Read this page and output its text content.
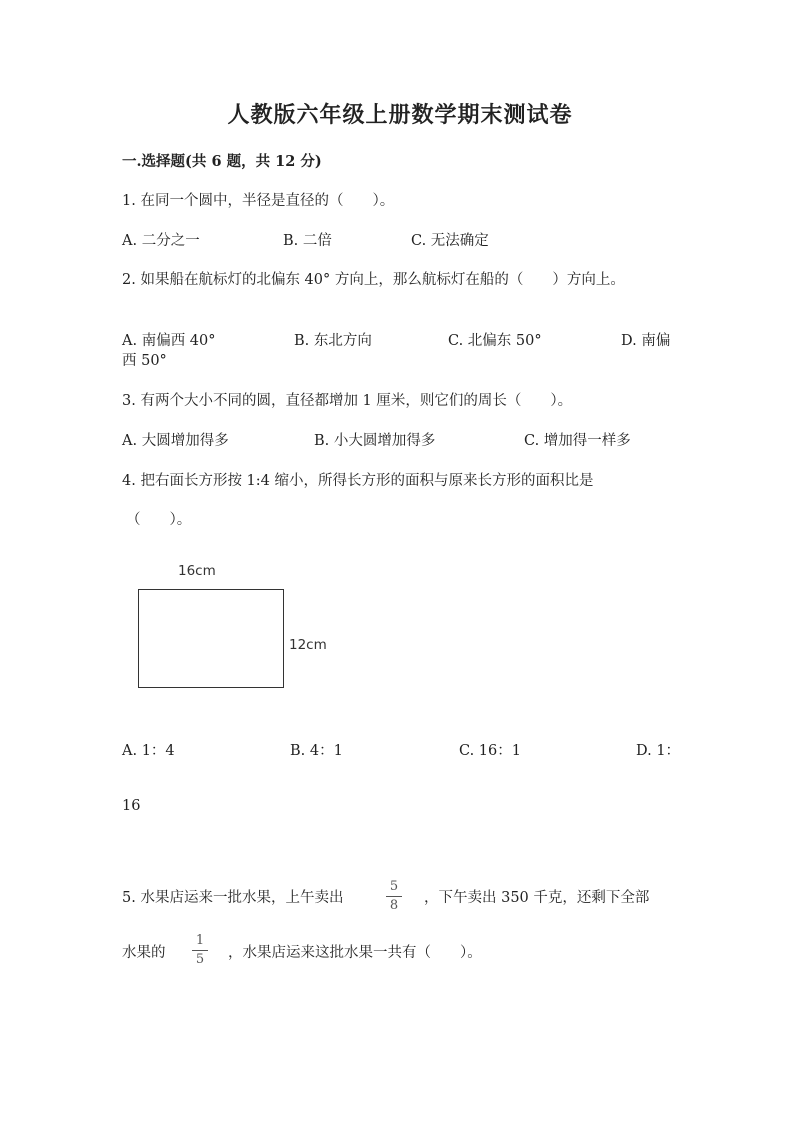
人教版六年级上册数学期末测试卷
一.选择题(共 6 题，共 12 分)
1. 在同一个圆中，半径是直径的（　　）。
A. 二分之一	B. 二倍	C. 无法确定
2. 如果船在航标灯的北偏东 40° 方向上，那么航标灯在船的（　　）方向上。
A. 南偏西 40°	B. 东北方向	C. 北偏东 50°	D. 南偏
西 50°
3. 有两个大小不同的圆，直径都增加 1 厘米，则它们的周长（　　）。
A. 大圆增加得多	B. 小大圆增加得多	C. 增加得一样多
4. 把右面长方形按 1:4 缩小，所得长方形的面积与原来长方形的面积比是
（　　）。
16cm
12cm
A. 1：4	B. 4：1	C. 16：1	D. 1：
16
5. 水果店运来一批水果，上午卖出
5
8	，下午卖出 350 千克，还剩下全部
水果的
1
5	，水果店运来这批水果一共有（　　）。
